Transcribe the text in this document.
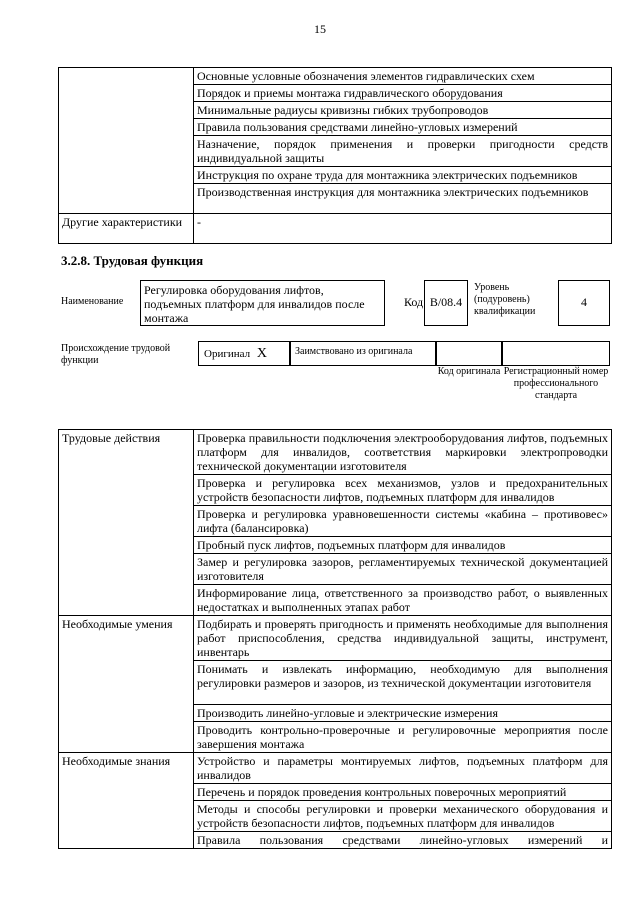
15
	Основные условные обозначения элементов гидравлических схем
	Порядок и приемы монтажа гидравлического оборудования
	Минимальные радиусы кривизны гибких трубопроводов
	Правила пользования средствами линейно-угловых измерений
	Назначение, порядок применения и проверки пригодности средств индивидуальной защиты
	Инструкция по охране труда для монтажника электрических подъемников
	Производственная инструкция для монтажника электрических подъемников
Другие характеристики	-
3.2.8. Трудовая функция
Наименование
Регулировка оборудования лифтов, подъемных платформ для инвалидов после монтажа
Код B/08.4
Уровень (подуровень) квалификации
4
Происхождение трудовой функции
Оригинал X	Заимствовано из оригинала
Код оригинала Регистрационный номер профессионального стандарта
Трудовые действия	Проверка правильности подключения электрооборудования лифтов, подъемных платформ для инвалидов, соответствия маркировки электропроводки технической документации изготовителя
	Проверка и регулировка всех механизмов, узлов и предохранительных устройств безопасности лифтов, подъемных платформ для инвалидов
	Проверка и регулировка уравновешенности системы «кабина – противовес» лифта (балансировка)
	Пробный пуск лифтов, подъемных платформ для инвалидов
	Замер и регулировка зазоров, регламентируемых технической документацией изготовителя
	Информирование лица, ответственного за производство работ, о выявленных недостатках и выполненных этапах работ
Необходимые умения	Подбирать и проверять пригодность и применять необходимые для выполнения работ приспособления, средства индивидуальной защиты, инструмент, инвентарь
	Понимать и извлекать информацию, необходимую для выполнения регулировки размеров и зазоров, из технической документации изготовителя
	Производить линейно-угловые и электрические измерения
	Проводить контрольно-проверочные и регулировочные мероприятия после завершения монтажа
Необходимые знания	Устройство и параметры монтируемых лифтов, подъемных платформ для инвалидов
	Перечень и порядок проведения контрольных поверочных мероприятий
	Методы и способы регулировки и проверки механического оборудования и устройств безопасности лифтов, подъемных платформ для инвалидов
	Правила пользования средствами линейно-угловых измерений и
